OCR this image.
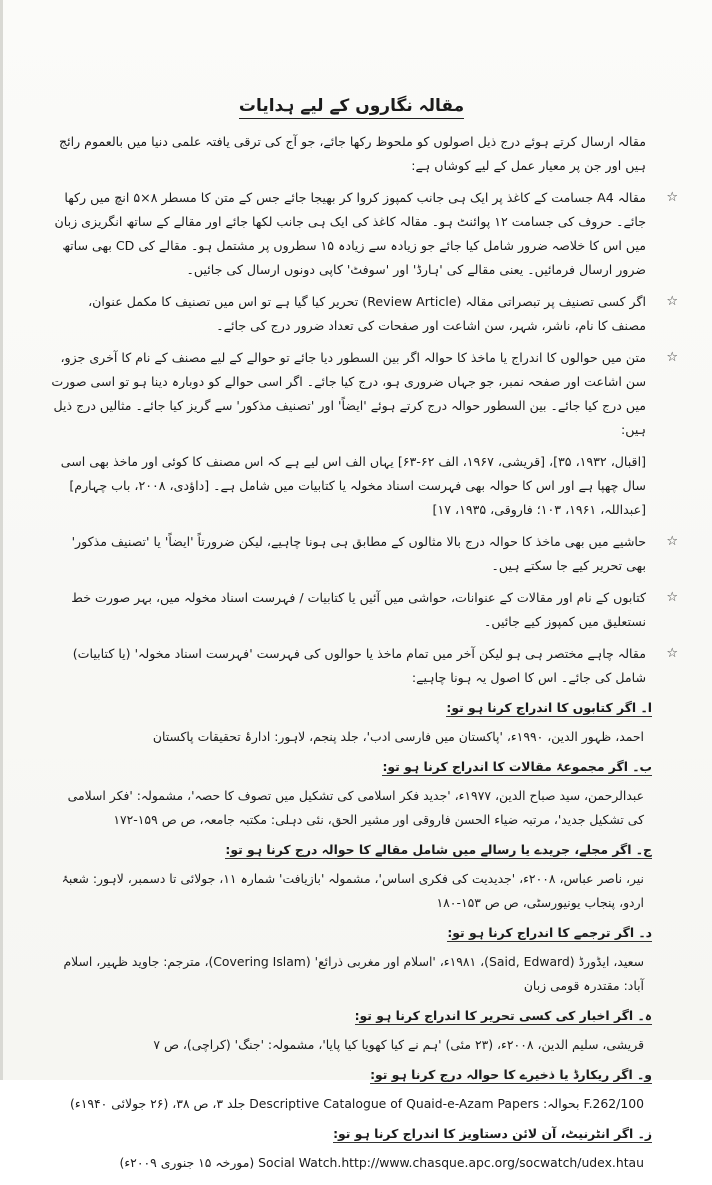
مقالہ نگاروں کے لیے ہدایات
مقالہ ارسال کرتے ہوئے درج ذیل اصولوں کو ملحوظ رکھا جائے، جو آج کی ترقی یافتہ علمی دنیا میں بالعموم رائج ہیں اور جن پر معیار عمل کے لیے کوشاں ہے:
☆ مقالہ A4 جسامت کے کاغذ پر ایک ہی جانب کمپوز کروا کر بھیجا جائے جس کے متن کا مسطر ۸×۵ انچ میں رکھا جائے۔ حروف کی جسامت ۱۲ پوائنٹ ہو۔ مقالہ کاغذ کی ایک ہی جانب لکھا جائے اور مقالے کے ساتھ انگریزی زبان میں اس کا خلاصہ ضرور شامل کیا جائے جو زیادہ سے زیادہ ۱۵ سطروں پر مشتمل ہو۔ مقالے کی CD بھی ساتھ ضرور ارسال فرمائیں۔ یعنی مقالے کی 'ہارڈ' اور 'سوفٹ' کاپی دونوں ارسال کی جائیں۔
☆ اگر کسی تصنیف پر تبصراتی مقالہ (Review Article) تحریر کیا گیا ہے تو اس میں تصنیف کا مکمل عنوان، مصنف کا نام، ناشر، شہر، سن اشاعت اور صفحات کی تعداد ضرور درج کی جائے۔
☆ متن میں حوالوں کا اندراج یا ماخذ کا حوالہ اگر بین السطور دیا جائے تو حوالے کے لیے مصنف کے نام کا آخری جزو، سن اشاعت اور صفحہ نمبر، جو جہاں ضروری ہو، درج کیا جائے۔ اگر اسی حوالے کو دوبارہ دینا ہو تو اسی صورت میں درج کیا جائے۔ بین السطور حوالہ درج کرتے ہوئے 'ایضاً' اور 'تصنیف مذکور' سے گریز کیا جائے۔ مثالیں درج ذیل ہیں:
[اقبال، ۱۹۳۲، ۳۵]، [قریشی، ۱۹۶۷، الف ۶۲-۶۳] یہاں الف اس لیے ہے کہ اس مصنف کا کوئی اور ماخذ بھی اسی سال چھپا ہے اور اس کا حوالہ بھی فہرست اسناد مخولہ یا کتابیات میں شامل ہے۔ [داؤدی، ۲۰۰۸، باب چہارم] [عبداللہ، ۱۹۶۱، ۱۰۳؛ فاروقی، ۱۹۳۵، ۱۷]
☆ حاشیے میں بھی ماخذ کا حوالہ درج بالا مثالوں کے مطابق ہی ہونا چاہیے، لیکن ضرورتاً 'ایضاً' یا 'تصنیف مذکور' بھی تحریر کیے جا سکتے ہیں۔
☆ کتابوں کے نام اور مقالات کے عنوانات، حواشی میں آئیں یا کتابیات / فہرست اسناد مخولہ میں، بہر صورت خط نستعلیق میں کمپوز کیے جائیں۔
☆ مقالہ چاہے مختصر ہی ہو لیکن آخر میں تمام ماخذ یا حوالوں کی فہرست 'فہرست اسناد مخولہ' (یا کتابیات) شامل کی جائے۔ اس کا اصول یہ ہونا چاہیے:
ا۔ اگر کتابوں کا اندراج کرنا ہو تو:
احمد، ظہور الدین، ۱۹۹۰ء، 'پاکستان میں فارسی ادب'، جلد پنجم، لاہور: ادارۂ تحقیقات پاکستان
ب۔ اگر مجموعۂ مقالات کا اندراج کرنا ہو تو:
عبدالرحمن، سید صباح الدین، ۱۹۷۷ء، 'جدید فکر اسلامی کی تشکیل میں تصوف کا حصہ'، مشمولہ: 'فکر اسلامی کی تشکیل جدید'، مرتبہ ضیاء الحسن فاروقی اور مشیر الحق، نئی دہلی: مکتبہ جامعہ، ص ص ۱۵۹-۱۷۲
ج۔ اگر مجلے، جریدے یا رسالے میں شامل مقالے کا حوالہ درج کرنا ہو تو:
نیر، ناصر عباس، ۲۰۰۸ء، 'جدیدیت کی فکری اساس'، مشمولہ 'بازیافت' شمارہ ۱۱، جولائی تا دسمبر، لاہور: شعبۂ اردو، پنجاب یونیورسٹی، ص ص ۱۵۳-۱۸۰
د۔ اگر ترجمے کا اندراج کرنا ہو تو:
سعید، ایڈورڈ (Said, Edward)، ۱۹۸۱ء، 'اسلام اور مغربی ذرائع' (Covering Islam)، مترجم: جاوید ظہیر، اسلام آباد: مقتدرہ قومی زبان
ہ۔ اگر اخبار کی کسی تحریر کا اندراج کرنا ہو تو:
قریشی، سلیم الدین، ۲۰۰۸ء، (۲۳ مئی) 'ہم نے کیا کھویا کیا پایا'، مشمولہ: 'جنگ' (کراچی)، ص ۷
و۔ اگر ریکارڈ یا ذخیرے کا حوالہ درج کرنا ہو تو:
F.262/100 بحوالہ: Descriptive Catalogue of Quaid-e-Azam Papers جلد ۳، ص ۳۸، (۲۶ جولائی ۱۹۴۰ء)
ز۔ اگر انٹرنیٹ، آن لائن دستاویز کا اندراج کرنا ہو تو:
Social Watch.http://www.chasque.apc.org/socwatch/udex.htau (مورخہ ۱۵ جنوری ۲۰۰۹ء)
